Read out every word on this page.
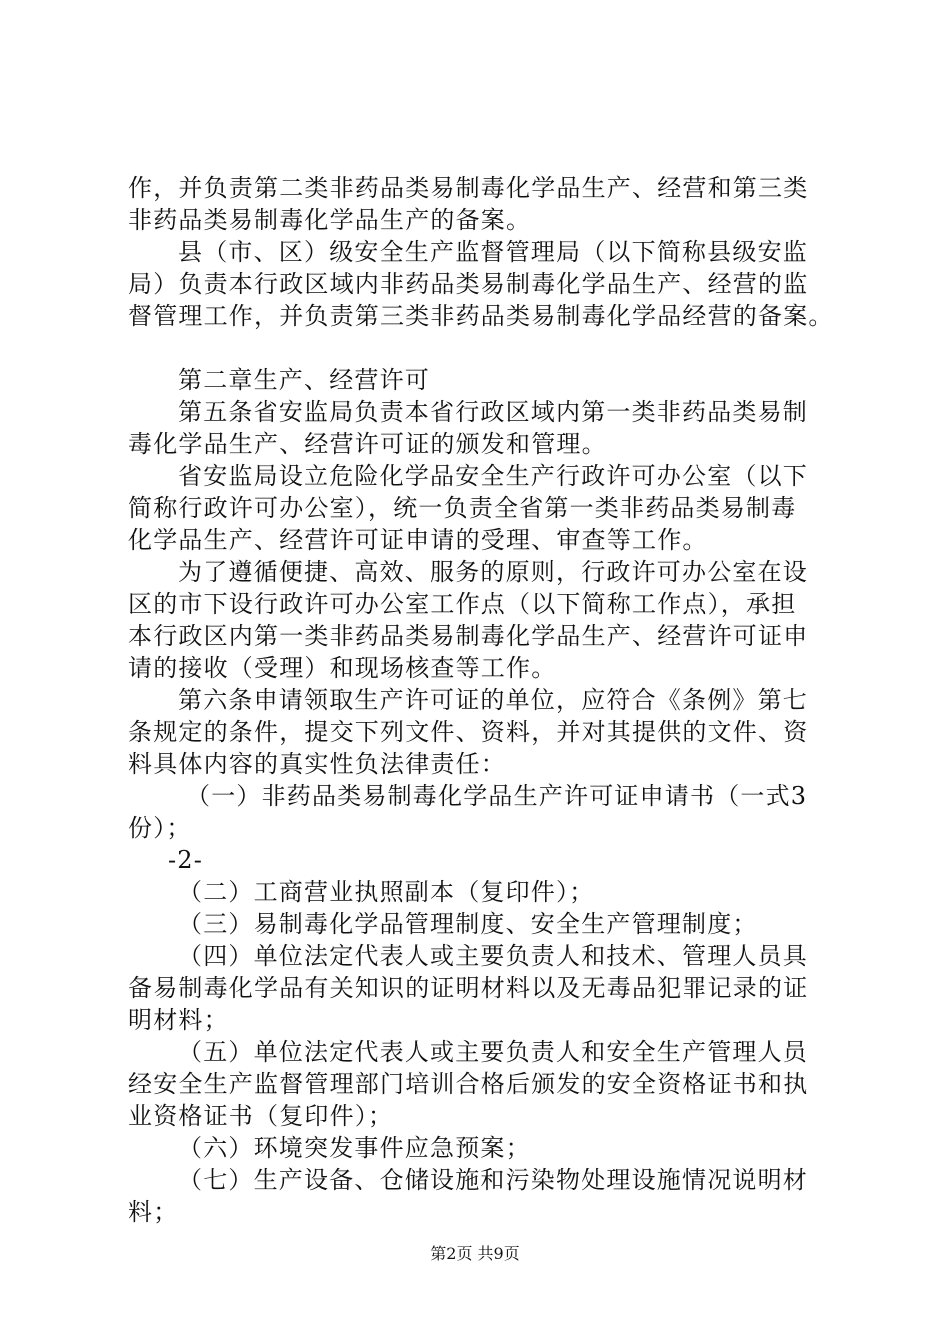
作，并负责第二类非药品类易制毒化学品生产、经营和第三类
非药品类易制毒化学品生产的备案。
县（市、区）级安全生产监督管理局（以下简称县级安监
局）负责本行政区域内非药品类易制毒化学品生产、经营的监
督管理工作，并负责第三类非药品类易制毒化学品经营的备案。
第二章生产、经营许可
第五条省安监局负责本省行政区域内第一类非药品类易制
毒化学品生产、经营许可证的颁发和管理。
省安监局设立危险化学品安全生产行政许可办公室（以下
简称行政许可办公室），统一负责全省第一类非药品类易制毒
化学品生产、经营许可证申请的受理、审查等工作。
为了遵循便捷、高效、服务的原则，行政许可办公室在设
区的市下设行政许可办公室工作点（以下简称工作点），承担
本行政区内第一类非药品类易制毒化学品生产、经营许可证申
请的接收（受理）和现场核查等工作。
第六条申请领取生产许可证的单位，应符合《条例》第七
条规定的条件，提交下列文件、资料，并对其提供的文件、资
料具体内容的真实性负法律责任：
（一）非药品类易制毒化学品生产许可证申请书（一式3
份）；
-2-
（二）工商营业执照副本（复印件）；
（三）易制毒化学品管理制度、安全生产管理制度；
（四）单位法定代表人或主要负责人和技术、管理人员具
备易制毒化学品有关知识的证明材料以及无毒品犯罪记录的证
明材料；
（五）单位法定代表人或主要负责人和安全生产管理人员
经安全生产监督管理部门培训合格后颁发的安全资格证书和执
业资格证书（复印件）；
（六）环境突发事件应急预案；
（七）生产设备、仓储设施和污染物处理设施情况说明材
料；
第2页 共9页
